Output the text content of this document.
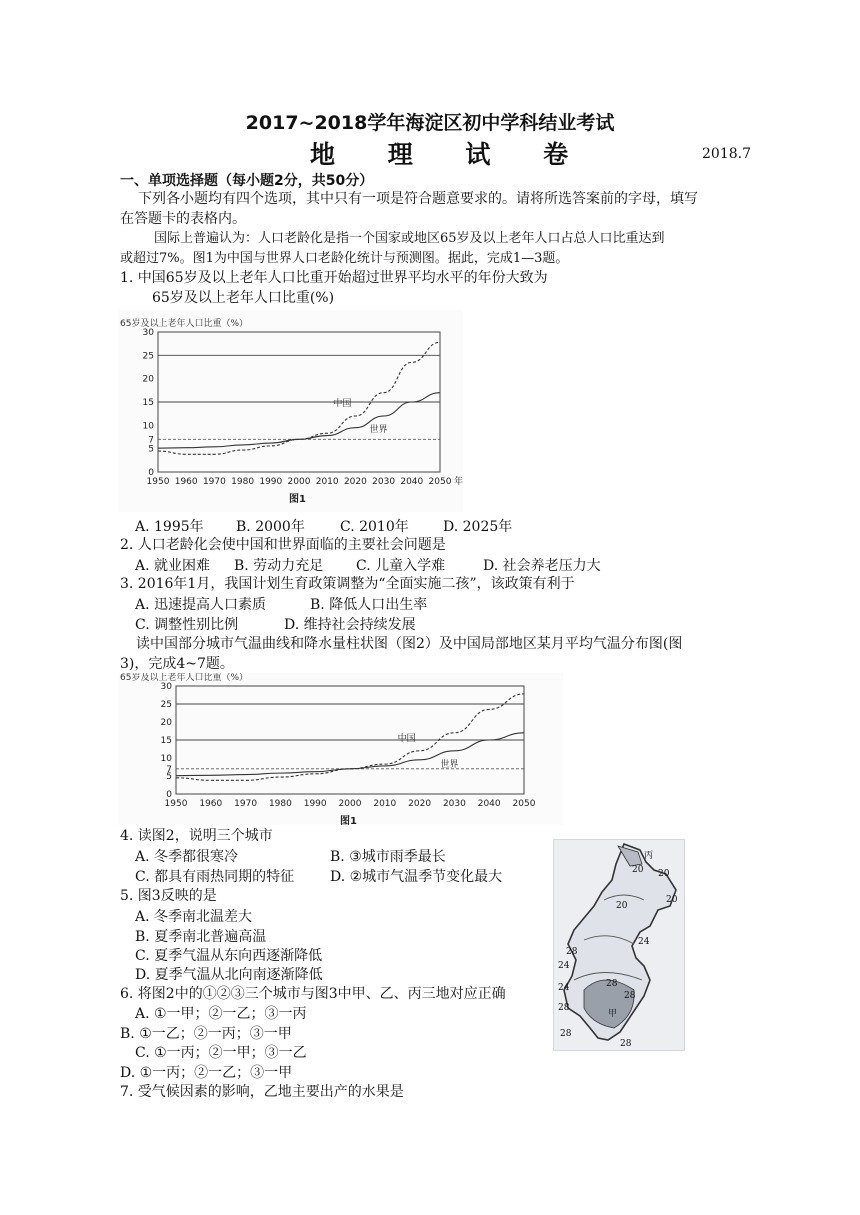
2017~2018学年海淀区初中学科结业考试
地 理 试 卷	2018.7
一、单项选择题（每小题2分，共50分）
下列各小题均有四个选项，其中只有一项是符合题意要求的。请将所选答案前的字母，填写
在答题卡的表格内。
国际上普遍认为：人口老龄化是指一个国家或地区65岁及以上老年人口占总人口比重达到
或超过7%。图1为中国与世界人口老龄化统计与预测图。据此，完成1—3题。
1. 中国65岁及以上老年人口比重开始超过世界平均水平的年份大致为
65岁及以上老年人口比重(%)
65岁及以上老年人口比重（%）
30
25
20
15
10
7
5
0
1950 1960 1970 1980 1990 2000 2010 2020 2030 2040 2050 年
中国
世界
图1
A. 1995年 B. 2000年	C. 2010年 D. 2025年
2. 人口老龄化会使中国和世界面临的主要社会问题是
A. 就业困难 B. 劳动力充足 C. 儿童入学难	D. 社会养老压力大
3. 2016年1月，我国计划生育政策调整为“全面实施二孩”，该政策有利于
A. 迅速提高人口素质	B. 降低人口出生率
C. 调整性别比例	D. 维持社会持续发展
读中国部分城市气温曲线和降水量柱状图（图2）及中国局部地区某月平均气温分布图(图
3)，完成4~7题。
65岁及以上老年人口比重（%）
30
25
20
15
10
7
5
0
1950 1960 1970 1980 1990 2000 2010 2020 2030 2040 2050
中国
世界
图1
4. 读图2，说明三个城市
A. 冬季都很寒冷	B. ③城市雨季最长
C. 都具有雨热同期的特征	D. ②城市气温季节变化最大
5. 图3反映的是
A. 冬季南北温差大
B. 夏季南北普遍高温
C. 夏季气温从东向西逐渐降低
D. 夏季气温从北向南逐渐降低
6. 将图2中的①②③三个城市与图3中甲、乙、丙三地对应正确
A. ①一甲；②一乙；③一丙
B. ①一乙；②一丙；③一甲
C. ①一丙；②一甲；③一乙
D. ①一丙；②一乙；③一甲
7. 受气候因素的影响，乙地主要出产的水果是
丙
20 20
20
20
24
24
24
28
28
28
28
28
甲
28
